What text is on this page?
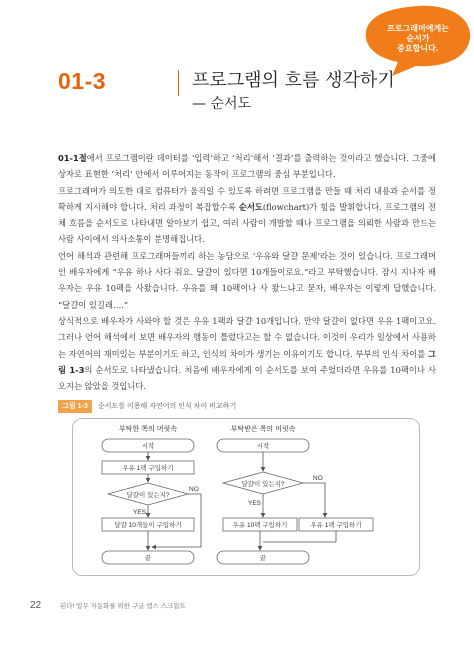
프로그래머에게는
순서가
중요합니다.
01-3	프로그램의 흐름 생각하기
— 순서도

01-1절에서 프로그램이란 데이터를 ‘입력’하고 ‘처리’해서 ‘결과’를 출력하는 것이라고 했습니다. 그중에 상자로 표현한 ‘처리’ 안에서 이루어지는 동작이 프로그램의 중심 부분입니다.

프로그래머가 의도한 대로 컴퓨터가 움직일 수 있도록 하려면 프로그램을 만들 때 처리 내용과 순서를 정확하게 지시해야 합니다. 처리 과정이 복잡할수록 순서도(flowchart)가 힘을 발휘합니다. 프로그램의 전체 흐름을 순서도로 나타내면 알아보기 쉽고, 여러 사람이 개발할 때나 프로그램을 의뢰한 사람과 만드는 사람 사이에서 의사소통이 분명해집니다.

언어 해석과 관련해 프로그래머들끼리 하는 농담으로 ‘우유와 달걀 문제’라는 것이 있습니다. 프로그래머인 배우자에게 “우유 하나 사다 줘요. 달걀이 있다면 10개들이로요.”라고 부탁했습니다. 잠시 지나자 배우자는 우유 10팩을 사왔습니다. 우유를 왜 10팩이나 사 왔느냐고 묻자, 배우자는 이렇게 답했습니다. “달걀이 있길래….”

상식적으로 배우자가 사와야 할 것은 우유 1팩과 달걀 10개입니다. 만약 달걀이 없다면 우유 1팩이고요. 그러나 언어 해석에서 보면 배우자의 행동이 틀렸다고는 할 수 없습니다. 이것이 우리가 일상에서 사용하는 자연어의 재미있는 부분이기도 하고, 인식의 차이가 생기는 이유이기도 합니다. 부부의 인식 차이를 그림 1-3의 순서도로 나타냈습니다. 처음에 배우자에게 이 순서도를 보여 주었더라면 우유를 10팩이나 사오지는 않았을 것입니다.

그림 1-3	순서도를 이용해 자연어의 인식 차이 비교하기
부탁한 쪽의 머릿속
시작
우유 1팩 구입하기
달걀이 있는지?
NO
YES
달걀 10개들이 구입하기
끝
부탁받은 쪽의 머릿속
시작
달걀이 있는지?
NO
YES
우유 10팩 구입하기	우유 1팩 구입하기
끝
22	된다! 업무 자동화를 위한 구글 앱스 스크립트
